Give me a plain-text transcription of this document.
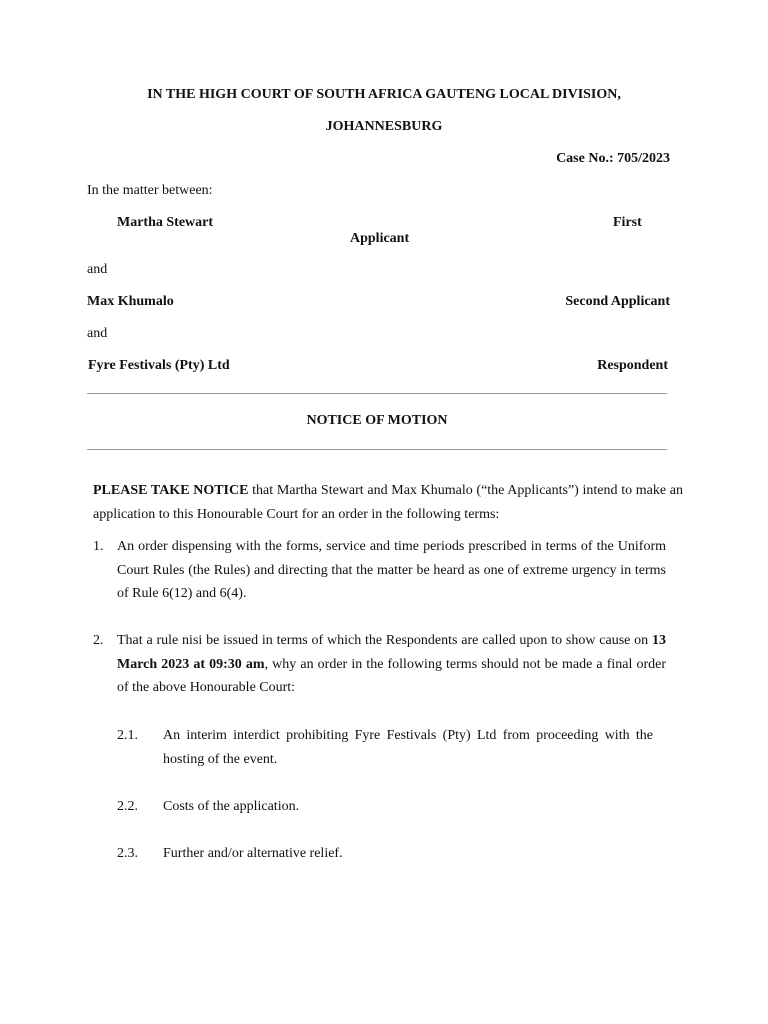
IN THE HIGH COURT OF SOUTH AFRICA GAUTENG LOCAL DIVISION,
JOHANNESBURG
Case No.: 705/2023
In the matter between:
Martha Stewart	First
Applicant
and
Max Khumalo	Second Applicant
and
Fyre Festivals (Pty) Ltd	Respondent
NOTICE OF MOTION
PLEASE TAKE NOTICE that Martha Stewart and Max Khumalo (“the Applicants”) intend to make an application to this Honourable Court for an order in the following terms:
1. An order dispensing with the forms, service and time periods prescribed in terms of the Uniform Court Rules (the Rules) and directing that the matter be heard as one of extreme urgency in terms of Rule 6(12) and 6(4).
2. That a rule nisi be issued in terms of which the Respondents are called upon to show cause on 13 March 2023 at 09:30 am, why an order in the following terms should not be made a final order of the above Honourable Court:
2.1. An interim interdict prohibiting Fyre Festivals (Pty) Ltd from proceeding with the hosting of the event.
2.2. Costs of the application.
2.3. Further and/or alternative relief.
